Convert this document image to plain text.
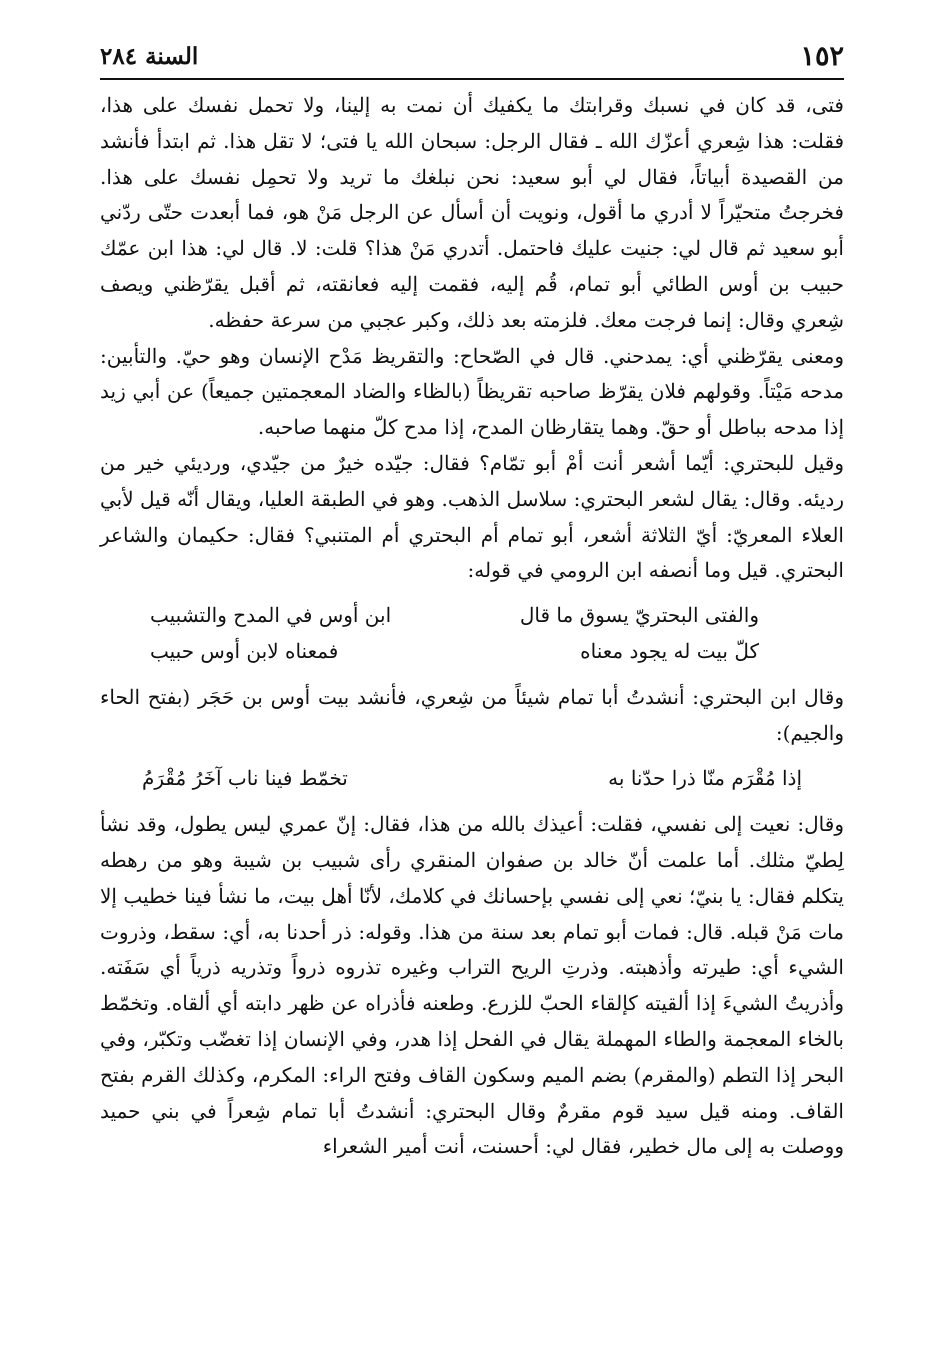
١٥٢
السنة ٢٨٤

فتى، قد كان في نسبك وقرابتك ما يكفيك أن نمت به إلينا، ولا تحمل نفسك على هذا، فقلت: هذا شِعري أعزّك الله ـ فقال الرجل: سبحان الله يا فتى؛ لا تقل هذا. ثم ابتدأ فأنشد من القصيدة أبياتاً، فقال لي أبو سعيد: نحن نبلغك ما تريد ولا تحمِل نفسك على هذا. فخرجتُ متحيّراً لا أدري ما أقول، ونويت أن أسأل عن الرجل مَنْ هو، فما أبعدت حتّى ردّني أبو سعيد ثم قال لي: جنيت عليك فاحتمل. أتدري مَنْ هذا؟ قلت: لا. قال لي: هذا ابن عمّك حبيب بن أوس الطائي أبو تمام، قُم إليه، فقمت إليه فعانقته، ثم أقبل يقرّظني ويصف شِعري وقال: إنما فرجت معك. فلزمته بعد ذلك، وكبر عجبي من سرعة حفظه.

ومعنى يقرّظني أي: يمدحني. قال في الصّحاح: والتقريظ مَدْح الإنسان وهو حيّ. والتأبين: مدحه مَيْتاً. وقولهم فلان يقرّظ صاحبه تقريظاً (بالظاء والضاد المعجمتين جميعاً) عن أبي زيد إذا مدحه بباطل أو حقّ. وهما يتقارظان المدح، إذا مدح كلّ منهما صاحبه.

وقيل للبحتري: أيّما أشعر أنت أمْ أبو تمّام؟ فقال: جيّده خيرٌ من جيّدي، ورديئي خير من رديئه. وقال: يقال لشعر البحتري: سلاسل الذهب. وهو في الطبقة العليا، ويقال أنّه قيل لأبي العلاء المعريّ: أيّ الثلاثة أشعر، أبو تمام أم البحتري أم المتنبي؟ فقال: حكيمان والشاعر البحتري. قيل وما أنصفه ابن الرومي في قوله:

والفتى البحتريّ يسوق ما قال
ابن أوس في المدح والتشبيب
كلّ بيت له يجود معناه
فمعناه لابن أوس حبيب

وقال ابن البحتري: أنشدتُ أبا تمام شيئاً من شِعري، فأنشد بيت أوس بن حَجَر (بفتح الحاء والجيم):

إذا مُقْرَم منّا ذرا حدّنا به
تخمّط فينا ناب آخَرُ مُقْرَمُ

وقال: نعيت إلى نفسي، فقلت: أعيذك بالله من هذا، فقال: إنّ عمري ليس يطول، وقد نشأ لِطيّ مثلك. أما علمت أنّ خالد بن صفوان المنقري رأى شبيب بن شيبة وهو من رهطه يتكلم فقال: يا بنيّ؛ نعي إلى نفسي بإحسانك في كلامك، لأنّا أهل بيت، ما نشأ فينا خطيب إلا مات مَنْ قبله. قال: فمات أبو تمام بعد سنة من هذا. وقوله: ذر أحدنا به، أي: سقط، وذروت الشيء أي: طيرته وأذهبته. وذرتِ الريح التراب وغيره تذروه ذرواً وتذريه ذرياً أي سَفَته. وأذريتُ الشيءَ إذا ألقيته كإلقاء الحبّ للزرع. وطعنه فأذراه عن ظهر دابته أي ألقاه. وتخمّط بالخاء المعجمة والطاء المهملة يقال في الفحل إذا هدر، وفي الإنسان إذا تغضّب وتكبّر، وفي البحر إذا التطم (والمقرم) بضم الميم وسكون القاف وفتح الراء: المكرم، وكذلك القرم بفتح القاف. ومنه قيل سيد قوم مقرمٌ وقال البحتري: أنشدتُ أبا تمام شِعراً في بني حميد ووصلت به إلى مال خطير، فقال لي: أحسنت، أنت أمير الشعراء
